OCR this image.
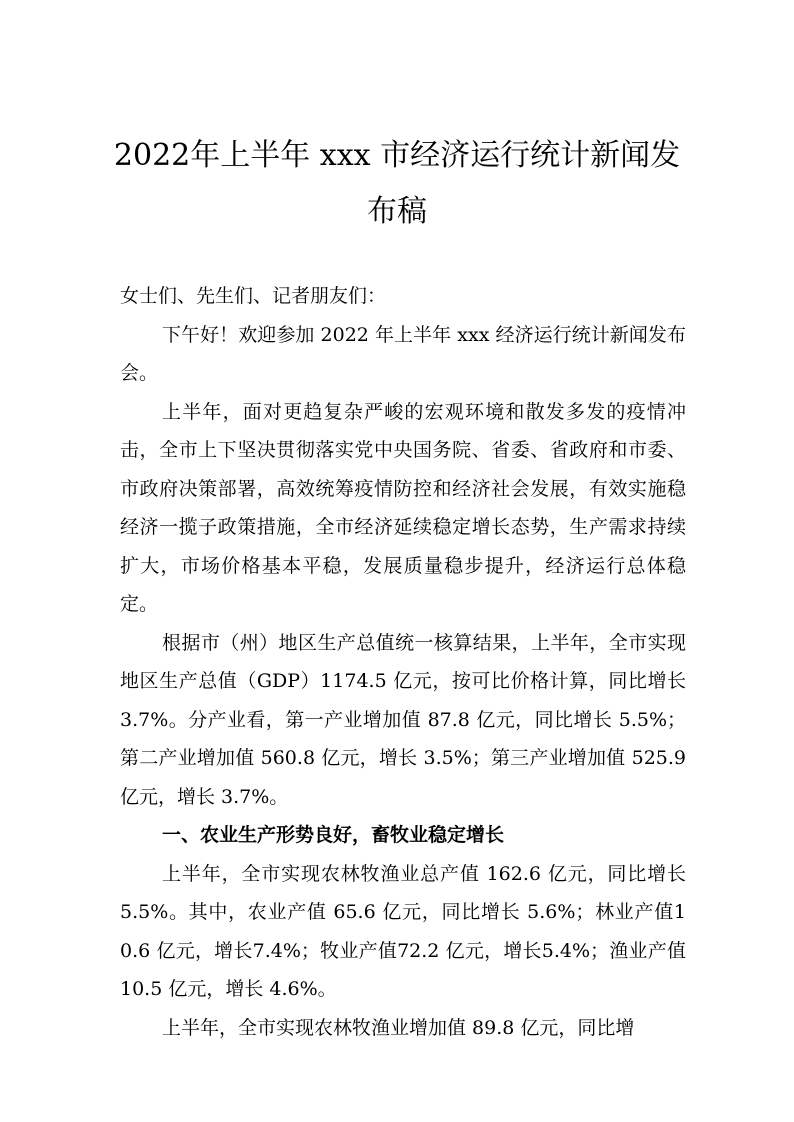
2022年上半年 xxx 市经济运行统计新闻发
布稿

女士们、先生们、记者朋友们：

下午好！欢迎参加 2022 年上半年 xxx 经济运行统计新闻发布会。

上半年，面对更趋复杂严峻的宏观环境和散发多发的疫情冲击，全市上下坚决贯彻落实党中央国务院、省委、省政府和市委、市政府决策部署，高效统筹疫情防控和经济社会发展，有效实施稳经济一揽子政策措施，全市经济延续稳定增长态势，生产需求持续扩大，市场价格基本平稳，发展质量稳步提升，经济运行总体稳定。

根据市（州）地区生产总值统一核算结果，上半年，全市实现地区生产总值（GDP）1174.5 亿元，按可比价格计算，同比增长 3.7%。分产业看，第一产业增加值 87.8 亿元，同比增长 5.5%；第二产业增加值 560.8 亿元，增长 3.5%；第三产业增加值 525.9 亿元，增长 3.7%。

一、农业生产形势良好，畜牧业稳定增长

上半年，全市实现农林牧渔业总产值 162.6 亿元，同比增长 5.5%。其中，农业产值 65.6 亿元，同比增长 5.6%；林业产值10.6 亿元，增长7.4%；牧业产值72.2 亿元，增长5.4%；渔业产值 10.5 亿元，增长 4.6%。

上半年，全市实现农林牧渔业增加值 89.8 亿元，同比增
